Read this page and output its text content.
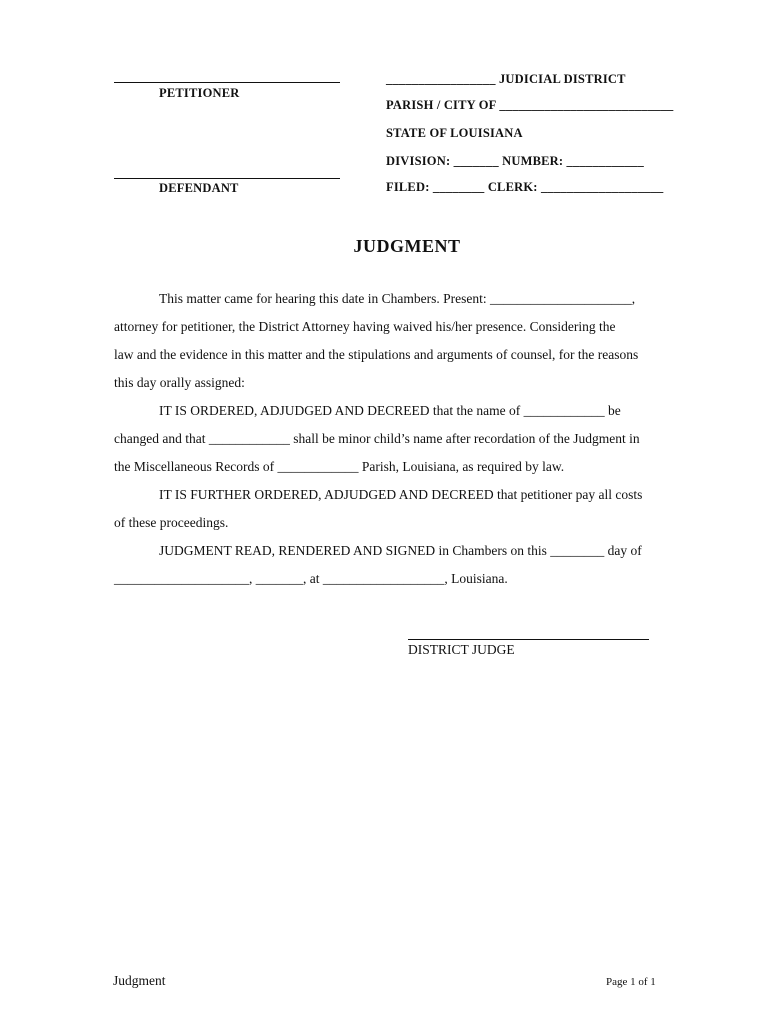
PETITIONER
DEFENDANT
_________________ JUDICIAL DISTRICT
PARISH / CITY OF ___________________________
STATE OF LOUISIANA
DIVISION: _______ NUMBER: ____________
FILED: ________ CLERK: ___________________
JUDGMENT
This matter came for hearing this date in Chambers. Present: _____________________,
attorney for petitioner, the District Attorney having waived his/her presence. Considering the
law and the evidence in this matter and the stipulations and arguments of counsel, for the reasons
this day orally assigned:
IT IS ORDERED, ADJUDGED AND DECREED that the name of ____________ be
changed and that ____________ shall be minor child’s name after recordation of the Judgment in
the Miscellaneous Records of ____________ Parish, Louisiana, as required by law.
IT IS FURTHER ORDERED, ADJUDGED AND DECREED that petitioner pay all costs
of these proceedings.
JUDGMENT READ, RENDERED AND SIGNED in Chambers on this ________ day of
____________________, _______, at __________________, Louisiana.
DISTRICT JUDGE
Judgment	Page 1 of 1
